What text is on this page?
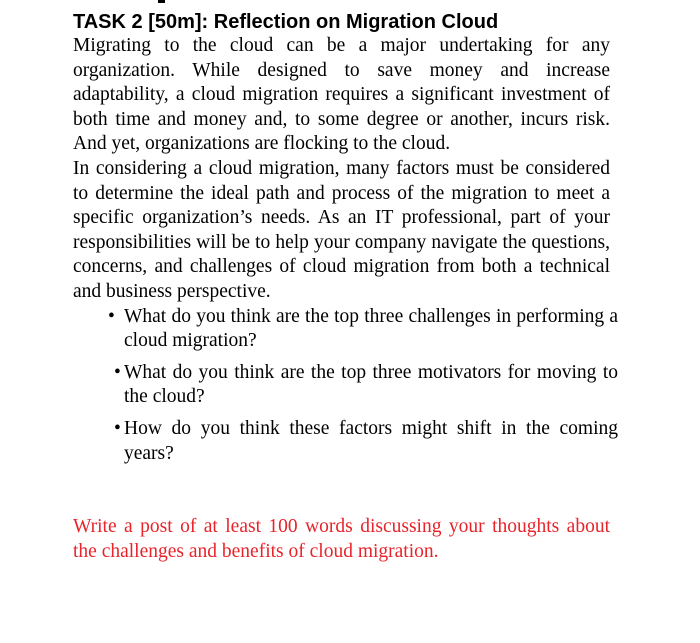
TASK 2 [50m]: Reflection on Migration Cloud

Migrating to the cloud can be a major undertaking for any organization. While designed to save money and increase adaptability, a cloud migration requires a significant investment of both time and money and, to some degree or another, incurs risk. And yet, organizations are flocking to the cloud.

In considering a cloud migration, many factors must be considered to determine the ideal path and process of the migration to meet a specific organization’s needs. As an IT professional, part of your responsibilities will be to help your company navigate the questions, concerns, and challenges of cloud migration from both a technical and business perspective.

• What do you think are the top three challenges in performing a cloud migration?
• What do you think are the top three motivators for moving to the cloud?
• How do you think these factors might shift in the coming years?

Write a post of at least 100 words discussing your thoughts about the challenges and benefits of cloud migration.
